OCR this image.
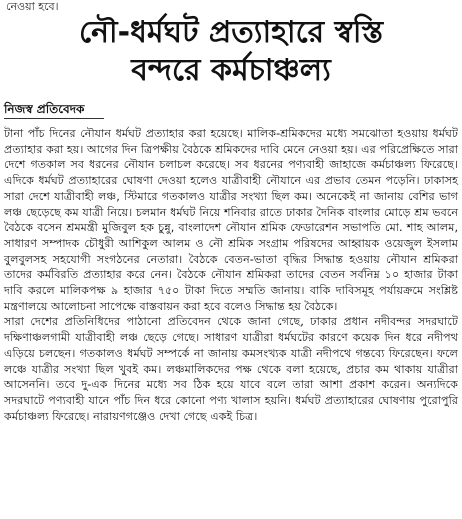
নেওয়া হবে।
নৌ-ধর্মঘট প্রত্যাহারে স্বস্তি
বন্দরে কর্মচাঞ্চল্য
নিজস্ব প্রতিবেদক

টানা পাঁচ দিনের নৌযান ধর্মঘট প্রত্যাহার করা হয়েছে। মালিক-শ্রমিকদের মধ্যে সমঝোতা হওয়ায় ধর্মঘট প্রত্যাহার করা হয়। আগের দিন ত্রিপক্ষীয় বৈঠকে শ্রমিকদের দাবি মেনে নেওয়া হয়। এর পরিপ্রেক্ষিতে সারা দেশে গতকাল সব ধরনের নৌযান চলাচল করেছে। সব ধরনের পণ্যবাহী জাহাজে কর্মচাঞ্চল্য ফিরেছে। এদিকে ধর্মঘট প্রত্যাহারের ঘোষণা দেওয়া হলেও যাত্রীবাহী নৌযানে এর প্রভাব তেমন পড়েনি। ঢাকাসহ সারা দেশে যাত্রীবাহী লঞ্চ, স্টিমারে গতকালও যাত্রীর সংখ্যা ছিল কম। অনেকেই না জানায় বেশির ভাগ লঞ্চ ছেড়েছে কম যাত্রী নিয়ে। চলমান ধর্মঘট নিয়ে শনিবার রাতে ঢাকার দৈনিক বাংলার মোড়ে শ্রম ভবনে বৈঠকে বসেন শ্রমমন্ত্রী মুজিবুল হক চুন্নু, বাংলাদেশ নৌযান শ্রমিক ফেডারেশন সভাপতি মো. শাহ আলম, সাধারণ সম্পাদক চৌধুরী আশিকুল আলম ও নৌ শ্রমিক সংগ্রাম পরিষদের আহ্বায়ক ওয়েজুল ইসলাম বুলবুলসহ সহযোগী সংগঠনের নেতারা। বৈঠকে বেতন-ভাতা বৃদ্ধির সিদ্ধান্ত হওয়ায় নৌযান শ্রমিকরা তাদের কর্মবিরতি প্রত্যাহার করে নেন। বৈঠকে নৌযান শ্রমিকরা তাদের বেতন সর্বনিম্ন ১০ হাজার টাকা দাবি করলে মালিকপক্ষ ৯ হাজার ৭৫০ টাকা দিতে সম্মতি জানায়। বাকি দাবিসমূহ পর্যায়ক্রমে সংশ্লিষ্ট মন্ত্রণালয়ে আলোচনা সাপেক্ষে বাস্তবায়ন করা হবে বলেও সিদ্ধান্ত হয় বৈঠকে।

সারা দেশের প্রতিনিধিদের পাঠানো প্রতিবেদন থেকে জানা গেছে, ঢাকার প্রধান নদীবন্দর সদরঘাটে দক্ষিণাঞ্চলগামী যাত্রীবাহী লঞ্চ ছেড়ে গেছে। সাধারণ যাত্রীরা ধর্মঘটের কারণে কয়েক দিন ধরে নদীপথ এড়িয়ে চলছেন। গতকালও ধর্মঘট সম্পর্কে না জানায় কমসংখ্যক যাত্রী নদীপথে গন্তব্যে ফিরেছেন। ফলে লঞ্চে যাত্রীর সংখ্যা ছিল খুবই কম। লঞ্চমালিকদের পক্ষ থেকে বলা হয়েছে, প্রচার কম থাকায় যাত্রীরা আসেননি। তবে দু-এক দিনের মধ্যে সব ঠিক হয়ে যাবে বলে তারা আশা প্রকাশ করেন। অন্যদিকে সদরঘাটে পণ্যবাহী যানে পাঁচ দিন ধরে কোনো পণ্য খালাস হয়নি। ধর্মঘট প্রত্যাহারের ঘোষণায় পুরোপুরি কর্মচাঞ্চল্য ফিরেছে। নারায়ণগঞ্জেও দেখা গেছে একই চিত্র।
